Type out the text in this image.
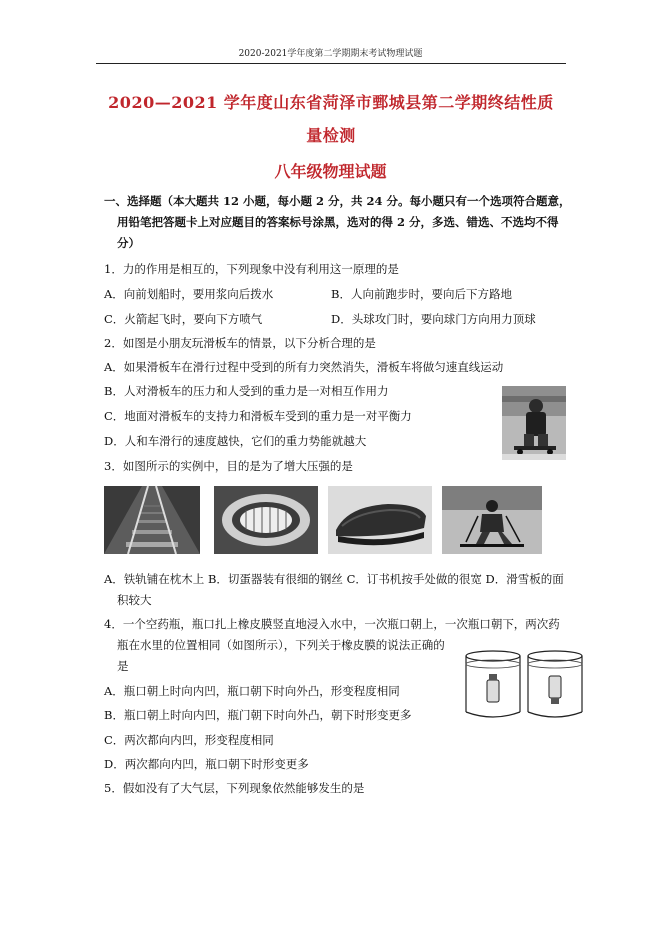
2020-2021学年度第二学期期末考试物理试题
2020—2021 学年度山东省菏泽市鄄城县第二学期终结性质
量检测
八年级物理试题
一、选择题（本大题共 12 小题，每小题 2 分，共 24 分。每小题只有一个选项符合题意，
用铅笔把答题卡上对应题目的答案标号涂黑，选对的得 2 分，多选、错选、不选均不得
分）
1．力的作用是相互的，下列现象中没有利用这一原理的是
A．向前划船时，要用浆向后拨水	B．人向前跑步时，要向后下方路地
C．火箭起飞时，要向下方喷气	D．头球攻门时，要向球门方向用力顶球
2．如图是小朋友玩滑板车的情景，以下分析合理的是
A．如果滑板车在滑行过程中受到的所有力突然消失，滑板车将做匀速直线运动
B．人对滑板车的压力和人受到的重力是一对相互作用力
C．地面对滑板车的支持力和滑板车受到的重力是一对平衡力
D．人和车滑行的速度越快，它们的重力势能就越大
3．如图所示的实例中，目的是为了增大压强的是
A．铁轨铺在枕木上 B．切蛋器装有很细的钢丝 C．订书机按手处做的很宽 D．滑雪板的面
积较大
4．一个空药瓶，瓶口扎上橡皮膜竖直地浸入水中，一次瓶口朝上，一次瓶口朝下，两次药
瓶在水里的位置相同（如图所示），下列关于橡皮膜的说法正确的
是
A．瓶口朝上时向内凹，瓶口朝下时向外凸，形变程度相同
B．瓶口朝上时向内凹，瓶门朝下时向外凸，朝下时形变更多
C．两次都向内凹，形变程度相同
D．两次都向内凹，瓶口朝下时形变更多
5．假如没有了大气层，下列现象依然能够发生的是
